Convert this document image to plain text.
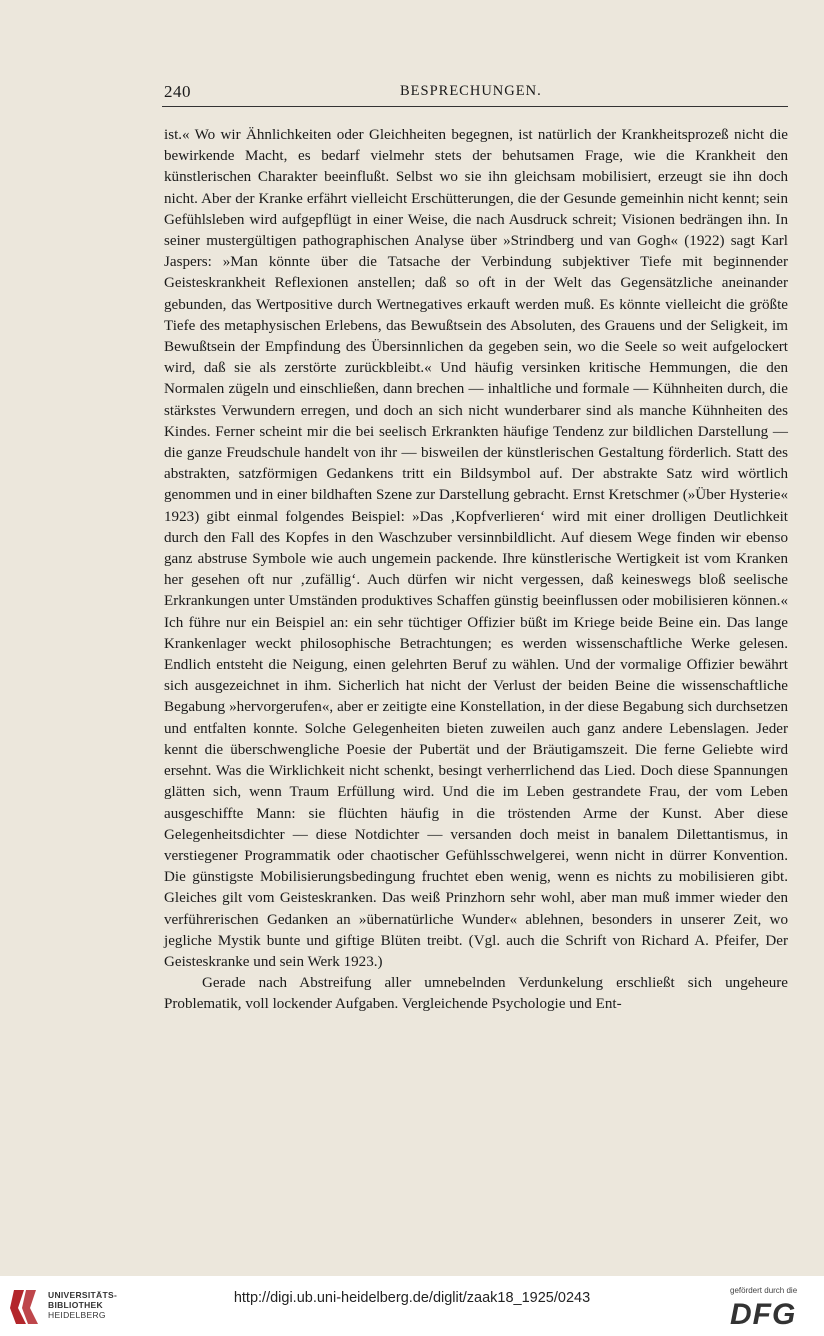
240	BESPRECHUNGEN.

ist.« Wo wir Ähnlichkeiten oder Gleichheiten begegnen, ist natürlich der Krankheitsprozeß nicht die bewirkende Macht, es bedarf vielmehr stets der behutsamen Frage, wie die Krankheit den künstlerischen Charakter beeinflußt. Selbst wo sie ihn gleichsam mobilisiert, erzeugt sie ihn doch nicht. Aber der Kranke erfährt vielleicht Erschütterungen, die der Gesunde gemeinhin nicht kennt; sein Gefühlsleben wird aufgepflügt in einer Weise, die nach Ausdruck schreit; Visionen bedrängen ihn. In seiner mustergültigen pathographischen Analyse über »Strindberg und van Gogh« (1922) sagt Karl Jaspers: »Man könnte über die Tatsache der Verbindung subjektiver Tiefe mit beginnender Geisteskrankheit Reflexionen anstellen; daß so oft in der Welt das Gegensätzliche aneinander gebunden, das Wertpositive durch Wertnegatives erkauft werden muß. Es könnte vielleicht die größte Tiefe des metaphysischen Erlebens, das Bewußtsein des Absoluten, des Grauens und der Seligkeit, im Bewußtsein der Empfindung des Übersinnlichen da gegeben sein, wo die Seele so weit aufgelockert wird, daß sie als zerstörte zurückbleibt.« Und häufig versinken kritische Hemmungen, die den Normalen zügeln und einschließen, dann brechen — inhaltliche und formale — Kühnheiten durch, die stärkstes Verwundern erregen, und doch an sich nicht wunderbarer sind als manche Kühnheiten des Kindes. Ferner scheint mir die bei seelisch Erkrankten häufige Tendenz zur bildlichen Darstellung — die ganze Freudschule handelt von ihr — bisweilen der künstlerischen Gestaltung förderlich. Statt des abstrakten, satzförmigen Gedankens tritt ein Bildsymbol auf. Der abstrakte Satz wird wörtlich genommen und in einer bildhaften Szene zur Darstellung gebracht. Ernst Kretschmer (»Über Hysterie« 1923) gibt einmal folgendes Beispiel: »Das ‚Kopfverlieren‘ wird mit einer drolligen Deutlichkeit durch den Fall des Kopfes in den Waschzuber versinnbildlicht. Auf diesem Wege finden wir ebenso ganz abstruse Symbole wie auch ungemein packende. Ihre künstlerische Wertigkeit ist vom Kranken her gesehen oft nur ‚zufällig‘. Auch dürfen wir nicht vergessen, daß keineswegs bloß seelische Erkrankungen unter Umständen produktives Schaffen günstig beeinflussen oder mobilisieren können.« Ich führe nur ein Beispiel an: ein sehr tüchtiger Offizier büßt im Kriege beide Beine ein. Das lange Krankenlager weckt philosophische Betrachtungen; es werden wissenschaftliche Werke gelesen. Endlich entsteht die Neigung, einen gelehrten Beruf zu wählen. Und der vormalige Offizier bewährt sich ausgezeichnet in ihm. Sicherlich hat nicht der Verlust der beiden Beine die wissenschaftliche Begabung »hervorgerufen«, aber er zeitigte eine Konstellation, in der diese Begabung sich durchsetzen und entfalten konnte. Solche Gelegenheiten bieten zuweilen auch ganz andere Lebenslagen. Jeder kennt die überschwengliche Poesie der Pubertät und der Bräutigamszeit. Die ferne Geliebte wird ersehnt. Was die Wirklichkeit nicht schenkt, besingt verherrlichend das Lied. Doch diese Spannungen glätten sich, wenn Traum Erfüllung wird. Und die im Leben gestrandete Frau, der vom Leben ausgeschiffte Mann: sie flüchten häufig in die tröstenden Arme der Kunst. Aber diese Gelegenheitsdichter — diese Notdichter — versanden doch meist in banalem Dilettantismus, in verstiegener Programmatik oder chaotischer Gefühlsschwelgerei, wenn nicht in dürrer Konvention. Die günstigste Mobilisierungsbedingung fruchtet eben wenig, wenn es nichts zu mobilisieren gibt. Gleiches gilt vom Geisteskranken. Das weiß Prinzhorn sehr wohl, aber man muß immer wieder den verführerischen Gedanken an »übernatürliche Wunder« ablehnen, besonders in unserer Zeit, wo jegliche Mystik bunte und giftige Blüten treibt. (Vgl. auch die Schrift von Richard A. Pfeifer, Der Geisteskranke und sein Werk 1923.)

Gerade nach Abstreifung aller umnebelnden Verdunkelung erschließt sich ungeheure Problematik, voll lockender Aufgaben. Vergleichende Psychologie und Ent-

UNIVERSITÄTS-
BIBLIOTHEK
HEIDELBERG
http://digi.ub.uni-heidelberg.de/diglit/zaak18_1925/0243	gefördert durch die
DFG
